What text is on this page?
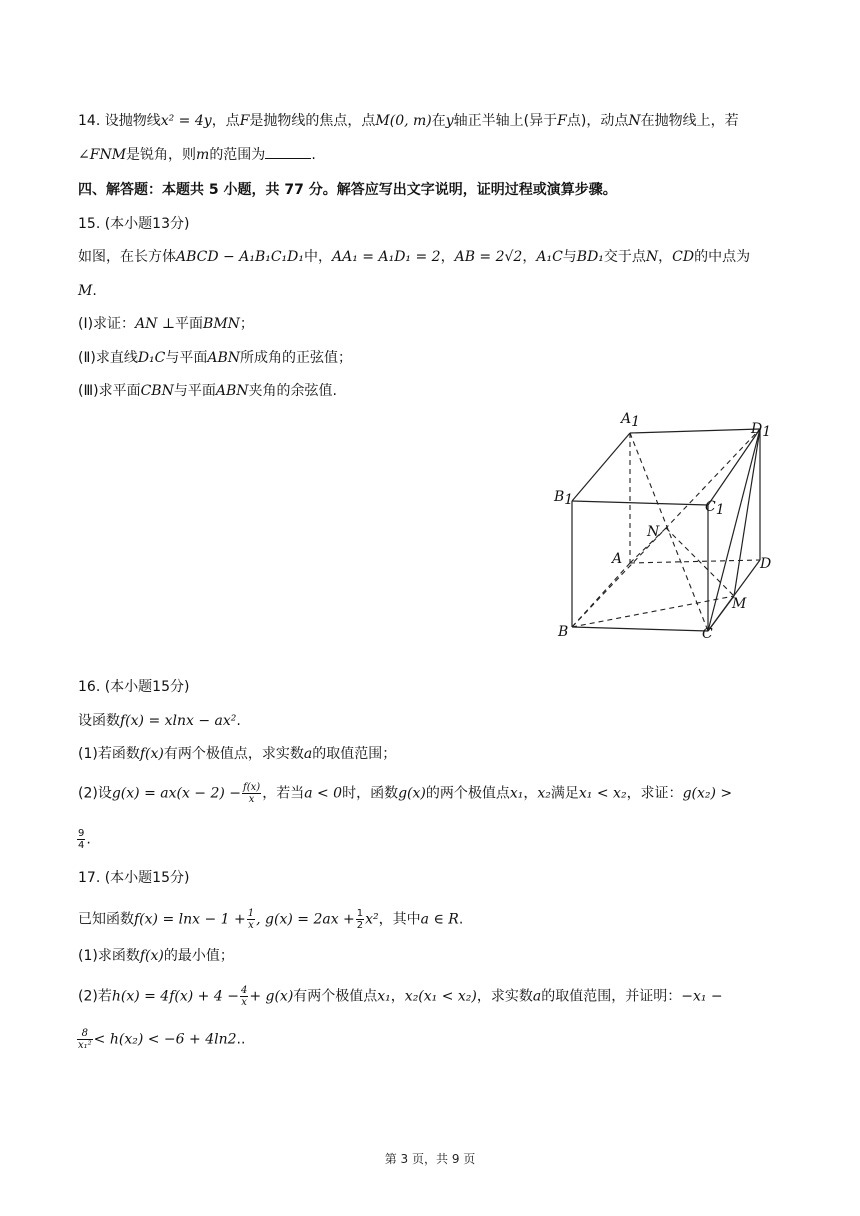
14. 设抛物线x² = 4y，点F是抛物线的焦点，点M(0, m)在y轴正半轴上(异于F点)，动点N在抛物线上，若
∠FNM是锐角，则m的范围为	.
四、解答题：本题共 5 小题，共 77 分。解答应写出文字说明，证明过程或演算步骤。
15. (本小题13分)
如图，在长方体ABCD − A₁B₁C₁D₁中，AA₁ = A₁D₁ = 2，AB = 2√2，A₁C与BD₁交于点N，CD的中点为
M.
(Ⅰ)求证：AN ⊥平面BMN；
(Ⅱ)求直线D₁C与平面ABN所成角的正弦值；
(Ⅲ)求平面CBN与平面ABN夹角的余弦值.
A1	D1
B1	C1
N
A	D
M
B	C
16. (本小题15分)
设函数f(x) = xlnx − ax².
(1)若函数f(x)有两个极值点，求实数a的取值范围；
(2)设$g(x) = ax(x - 2) - \frac{f(x)}{x}$ ，若当a < 0时，函数g(x)的两个极值点x₁，x₂满足x₁ < x₂，求证：g(x₂) >
$\frac{9}{4}$ .
17. (本小题15分)
已知函数$f(x) = \ln x - 1 + \frac{1}{x}$ , $g(x) = 2ax + \frac{1}{2} x^2$，其中a ∈ R.
(1)求函数f(x)的最小值；
(2)若$h(x) = 4f(x) + 4 - \frac{4}{x} + g(x)$有两个极值点x₁，x₂(x₁ < x₂)，求实数a的取值范围，并证明：−x₁ −
$\frac{8}{\text{x₁²}} < h(x_2) < -6 + 4\ln 2$..
第 3 页，共 9 页
